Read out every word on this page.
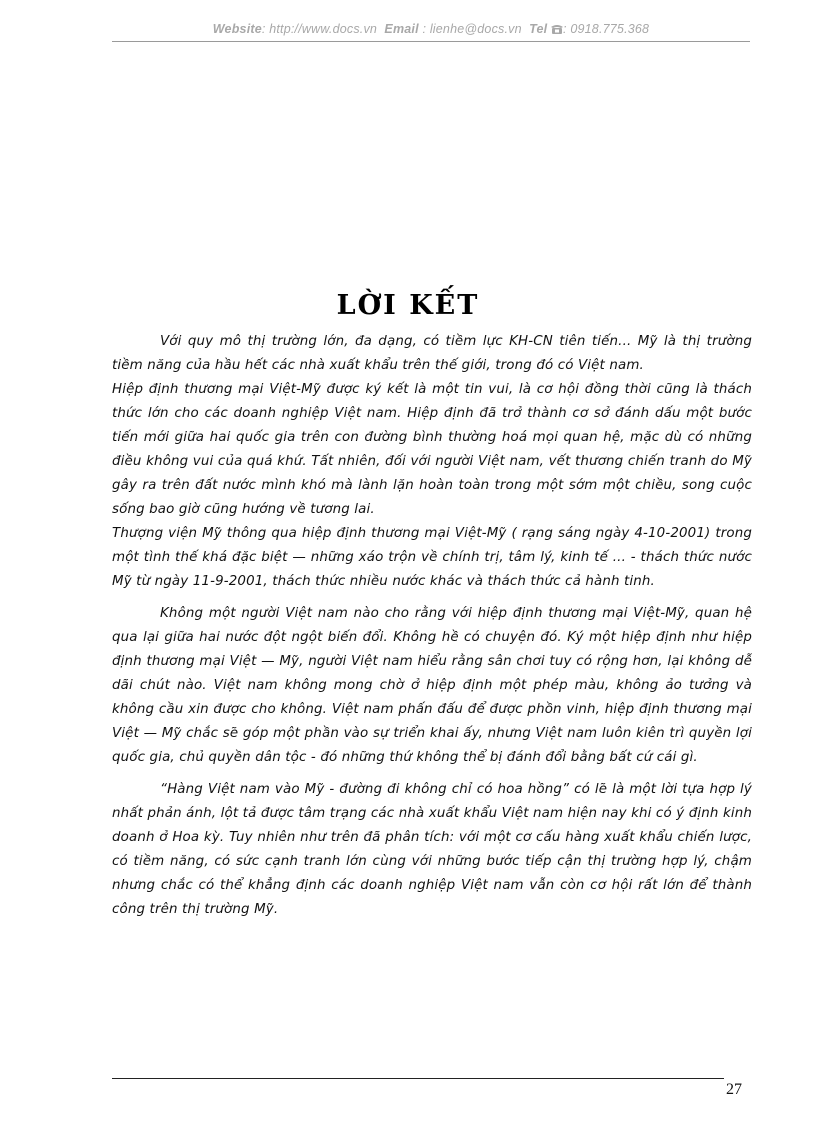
Website: http://www.docs.vn Email : lienhe@docs.vn Tel : 0918.775.368
LỜI KẾT

Với quy mô thị trường lớn, đa dạng, có tiềm lực KH-CN tiên tiến... Mỹ là thị trường tiềm năng của hầu hết các nhà xuất khẩu trên thế giới, trong đó có Việt nam.

Hiệp định thương mại Việt-Mỹ được ký kết là một tin vui, là cơ hội đồng thời cũng là thách thức lớn cho các doanh nghiệp Việt nam. Hiệp định đã trở thành cơ sở đánh dấu một bước tiến mới giữa hai quốc gia trên con đường bình thường hoá mọi quan hệ, mặc dù có những điều không vui của quá khứ. Tất nhiên, đối với người Việt nam, vết thương chiến tranh do Mỹ gây ra trên đất nước mình khó mà lành lặn hoàn toàn trong một sớm một chiều, song cuộc sống bao giờ cũng hướng về tương lai.

Thượng viện Mỹ thông qua hiệp định thương mại Việt-Mỹ ( rạng sáng ngày 4-10-2001) trong một tình thế khá đặc biệt — những xáo trộn về chính trị, tâm lý, kinh tế ... - thách thức nước Mỹ từ ngày 11-9-2001, thách thức nhiều nước khác và thách thức cả hành tinh.

Không một người Việt nam nào cho rằng với hiệp định thương mại Việt-Mỹ, quan hệ qua lại giữa hai nước đột ngột biến đổi. Không hề có chuyện đó. Ký một hiệp định như hiệp định thương mại Việt — Mỹ, người Việt nam hiểu rằng sân chơi tuy có rộng hơn, lại không dễ dãi chút nào. Việt nam không mong chờ ở hiệp định một phép màu, không ảo tưởng và không cầu xin được cho không. Việt nam phấn đấu để được phồn vinh, hiệp định thương mại Việt — Mỹ chắc sẽ góp một phần vào sự triển khai ấy, nhưng Việt nam luôn kiên trì quyền lợi quốc gia, chủ quyền dân tộc - đó những thứ không thể bị đánh đổi bằng bất cứ cái gì.

“Hàng Việt nam vào Mỹ - đường đi không chỉ có hoa hồng” có lẽ là một lời tựa hợp lý nhất phản ánh, lột tả được tâm trạng các nhà xuất khẩu Việt nam hiện nay khi có ý định kinh doanh ở Hoa kỳ. Tuy nhiên như trên đã phân tích: với một cơ cấu hàng xuất khẩu chiến lược, có tiềm năng, có sức cạnh tranh lớn cùng với những bước tiếp cận thị trường hợp lý, chậm nhưng chắc có thể khẳng định các doanh nghiệp Việt nam vẫn còn cơ hội rất lớn để thành công trên thị trường Mỹ.

27
